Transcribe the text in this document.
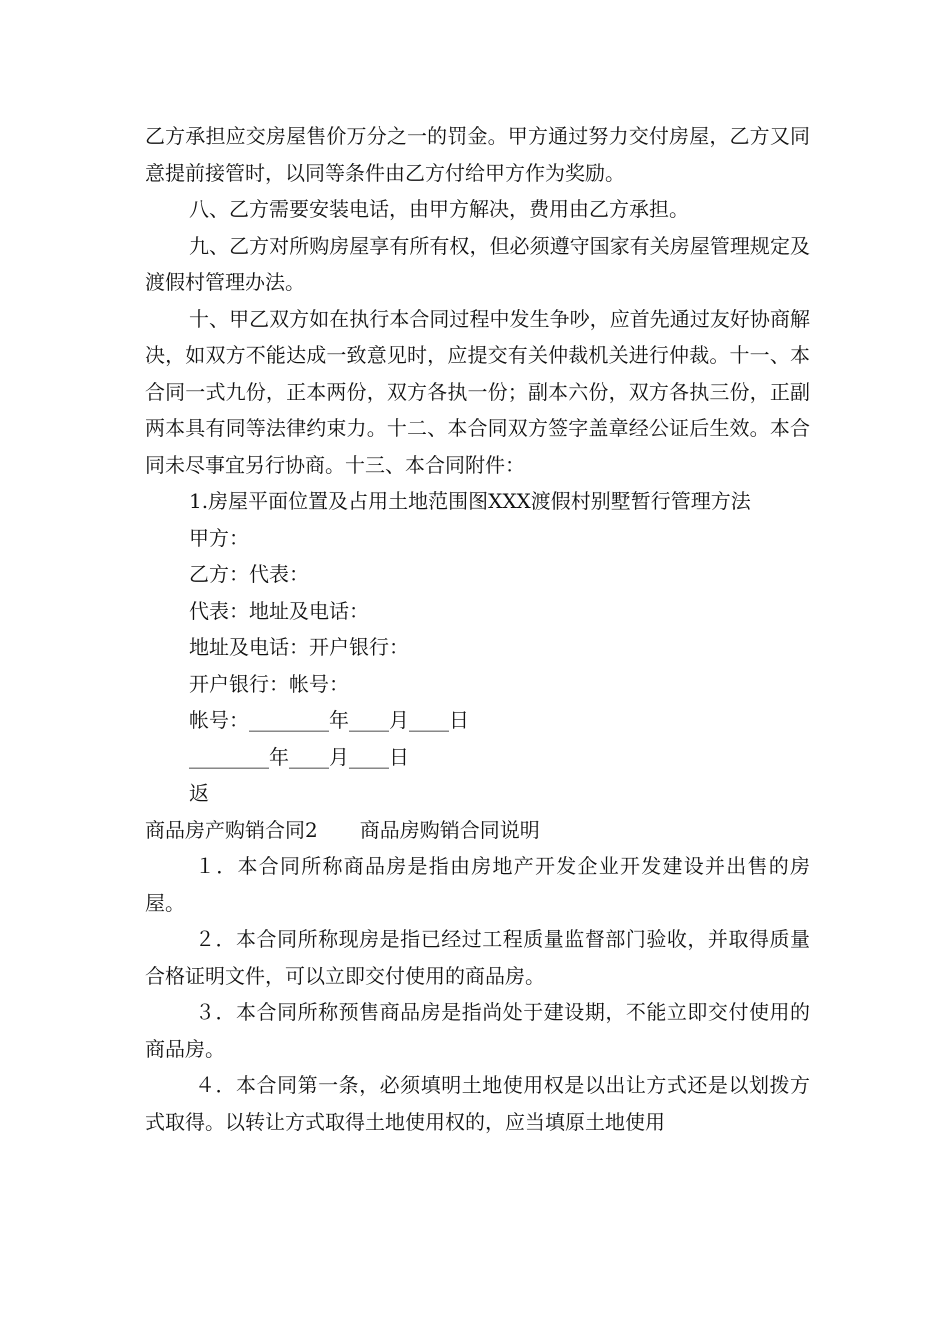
乙方承担应交房屋售价万分之一的罚金。甲方通过努力交付房屋，乙方又同意提前接管时，以同等条件由乙方付给甲方作为奖励。

八、乙方需要安装电话，由甲方解决，费用由乙方承担。

九、乙方对所购房屋享有所有权，但必须遵守国家有关房屋管理规定及渡假村管理办法。

十、甲乙双方如在执行本合同过程中发生争吵，应首先通过友好协商解决，如双方不能达成一致意见时，应提交有关仲裁机关进行仲裁。十一、本合同一式九份，正本两份，双方各执一份；副本六份，双方各执三份，正副两本具有同等法律约束力。十二、本合同双方签字盖章经公证后生效。本合同未尽事宜另行协商。十三、本合同附件：

1.房屋平面位置及占用土地范围图XXX渡假村别墅暂行管理方法

甲方：

乙方：代表：

代表：地址及电话：

地址及电话：开户银行：

开户银行：帐号：

帐号：________年____月____日

________年____月____日

返

商品房产购销合同2 商品房购销合同说明

１．本合同所称商品房是指由房地产开发企业开发建设并出售的房屋。

２．本合同所称现房是指已经过工程质量监督部门验收，并取得质量合格证明文件，可以立即交付使用的商品房。

３．本合同所称预售商品房是指尚处于建设期，不能立即交付使用的商品房。

４．本合同第一条，必须填明土地使用权是以出让方式还是以划拨方式取得。以转让方式取得土地使用权的，应当填原土地使用
